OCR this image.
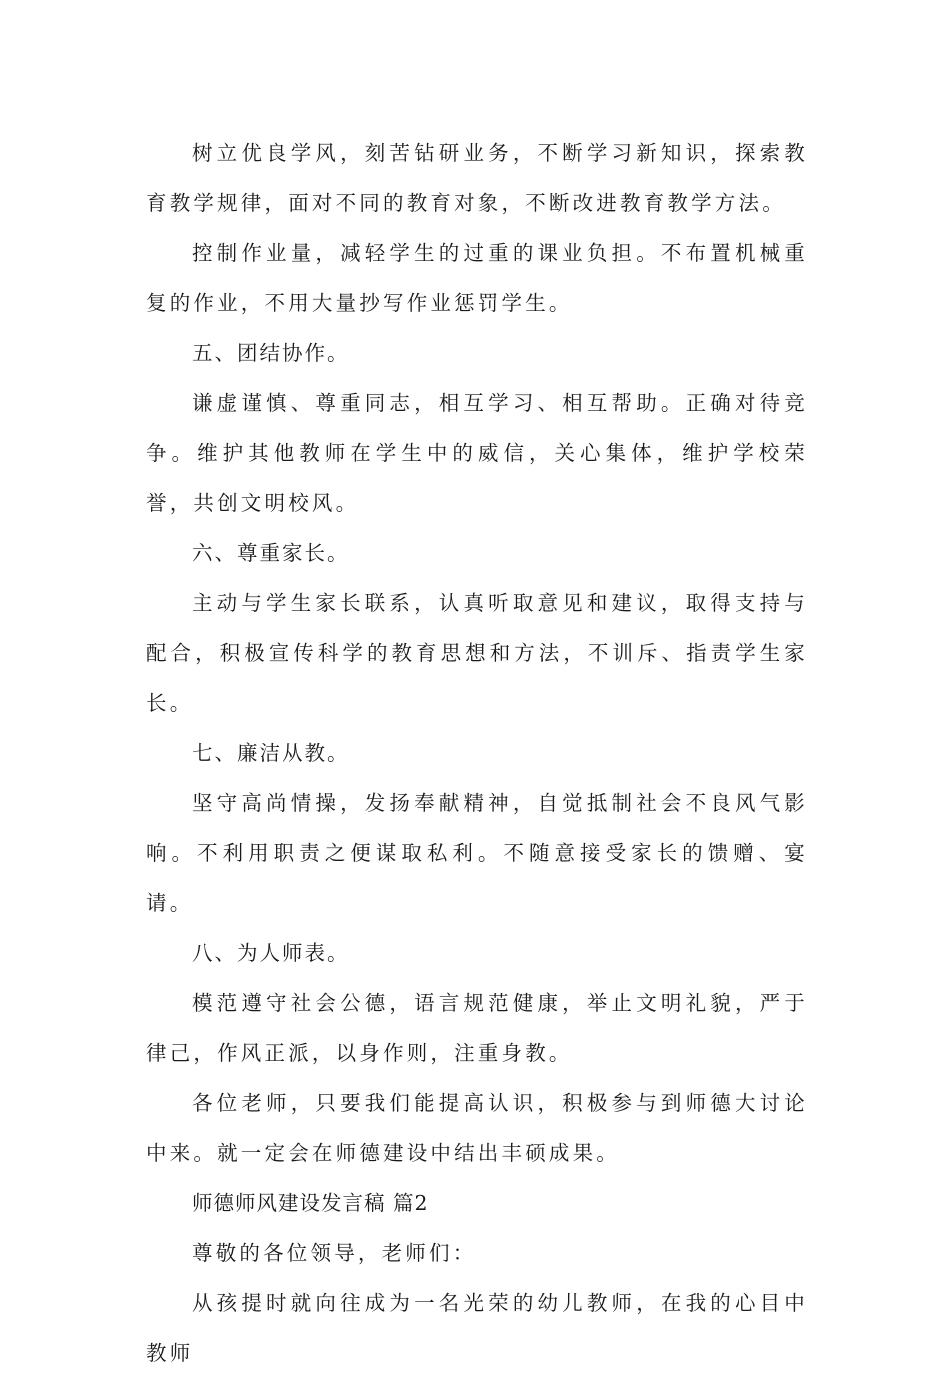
树立优良学风，刻苦钻研业务，不断学习新知识，探索教育教学规律，面对不同的教育对象，不断改进教育教学方法。

控制作业量，减轻学生的过重的课业负担。不布置机械重复的作业，不用大量抄写作业惩罚学生。

五、团结协作。

谦虚谨慎、尊重同志，相互学习、相互帮助。正确对待竞争。维护其他教师在学生中的威信，关心集体，维护学校荣誉，共创文明校风。

六、尊重家长。

主动与学生家长联系，认真听取意见和建议，取得支持与配合，积极宣传科学的教育思想和方法，不训斥、指责学生家长。

七、廉洁从教。

坚守高尚情操，发扬奉献精神，自觉抵制社会不良风气影响。不利用职责之便谋取私利。不随意接受家长的馈赠、宴请。

八、为人师表。

模范遵守社会公德，语言规范健康，举止文明礼貌，严于律己，作风正派，以身作则，注重身教。

各位老师，只要我们能提高认识，积极参与到师德大讨论中来。就一定会在师德建设中结出丰硕成果。

师德师风建设发言稿 篇2

尊敬的各位领导，老师们：

从孩提时就向往成为一名光荣的幼儿教师，在我的心目中教师
